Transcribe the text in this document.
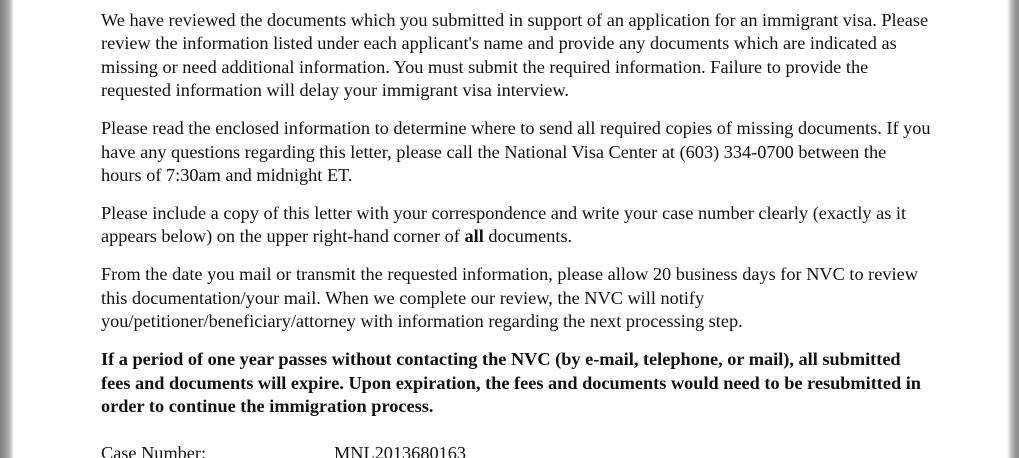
We have reviewed the documents which you submitted in support of an application for an immigrant visa. Please review the information listed under each applicant's name and provide any documents which are indicated as missing or need additional information. You must submit the required information. Failure to provide the requested information will delay your immigrant visa interview.

Please read the enclosed information to determine where to send all required copies of missing documents. If you have any questions regarding this letter, please call the National Visa Center at (603) 334-0700 between the hours of 7:30am and midnight ET.

Please include a copy of this letter with your correspondence and write your case number clearly (exactly as it appears below) on the upper right-hand corner of all documents.

From the date you mail or transmit the requested information, please allow 20 business days for NVC to review this documentation/your mail. When we complete our review, the NVC will notify you/petitioner/beneficiary/attorney with information regarding the next processing step.

If a period of one year passes without contacting the NVC (by e-mail, telephone, or mail), all submitted fees and documents will expire. Upon expiration, the fees and documents would need to be resubmitted in order to continue the immigration process.

Case Number:	MNL2013680163
